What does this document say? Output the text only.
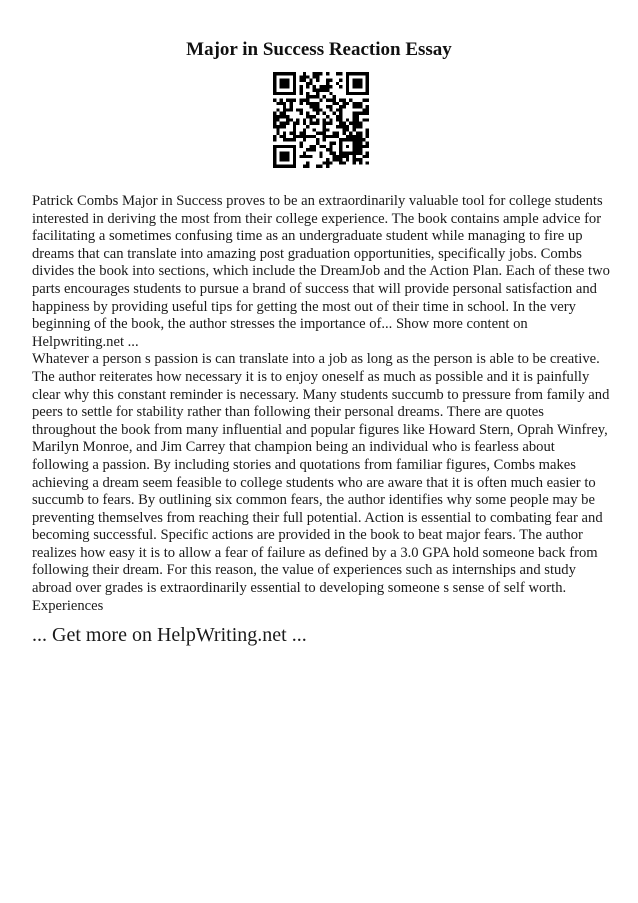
Major in Success Reaction Essay

Patrick Combs Major in Success proves to be an extraordinarily valuable tool for college students interested in deriving the most from their college experience. The book contains ample advice for facilitating a sometimes confusing time as an undergraduate student while managing to fire up dreams that can translate into amazing post graduation opportunities, specifically jobs. Combs divides the book into sections, which include the DreamJob and the Action Plan. Each of these two parts encourages students to pursue a brand of success that will provide personal satisfaction and happiness by providing useful tips for getting the most out of their time in school. In the very beginning of the book, the author stresses the importance of... Show more content on Helpwriting.net ...

Whatever a person s passion is can translate into a job as long as the person is able to be creative. The author reiterates how necessary it is to enjoy oneself as much as possible and it is painfully clear why this constant reminder is necessary. Many students succumb to pressure from family and peers to settle for stability rather than following their personal dreams. There are quotes throughout the book from many influential and popular figures like Howard Stern, Oprah Winfrey, Marilyn Monroe, and Jim Carrey that champion being an individual who is fearless about following a passion. By including stories and quotations from familiar figures, Combs makes achieving a dream seem feasible to college students who are aware that it is often much easier to succumb to fears. By outlining six common fears, the author identifies why some people may be preventing themselves from reaching their full potential. Action is essential to combating fear and becoming successful. Specific actions are provided in the book to beat major fears. The author realizes how easy it is to allow a fear of failure as defined by a 3.0 GPA hold someone back from following their dream. For this reason, the value of experiences such as internships and study abroad over grades is extraordinarily essential to developing someone s sense of self worth. Experiences

... Get more on HelpWriting.net ...
